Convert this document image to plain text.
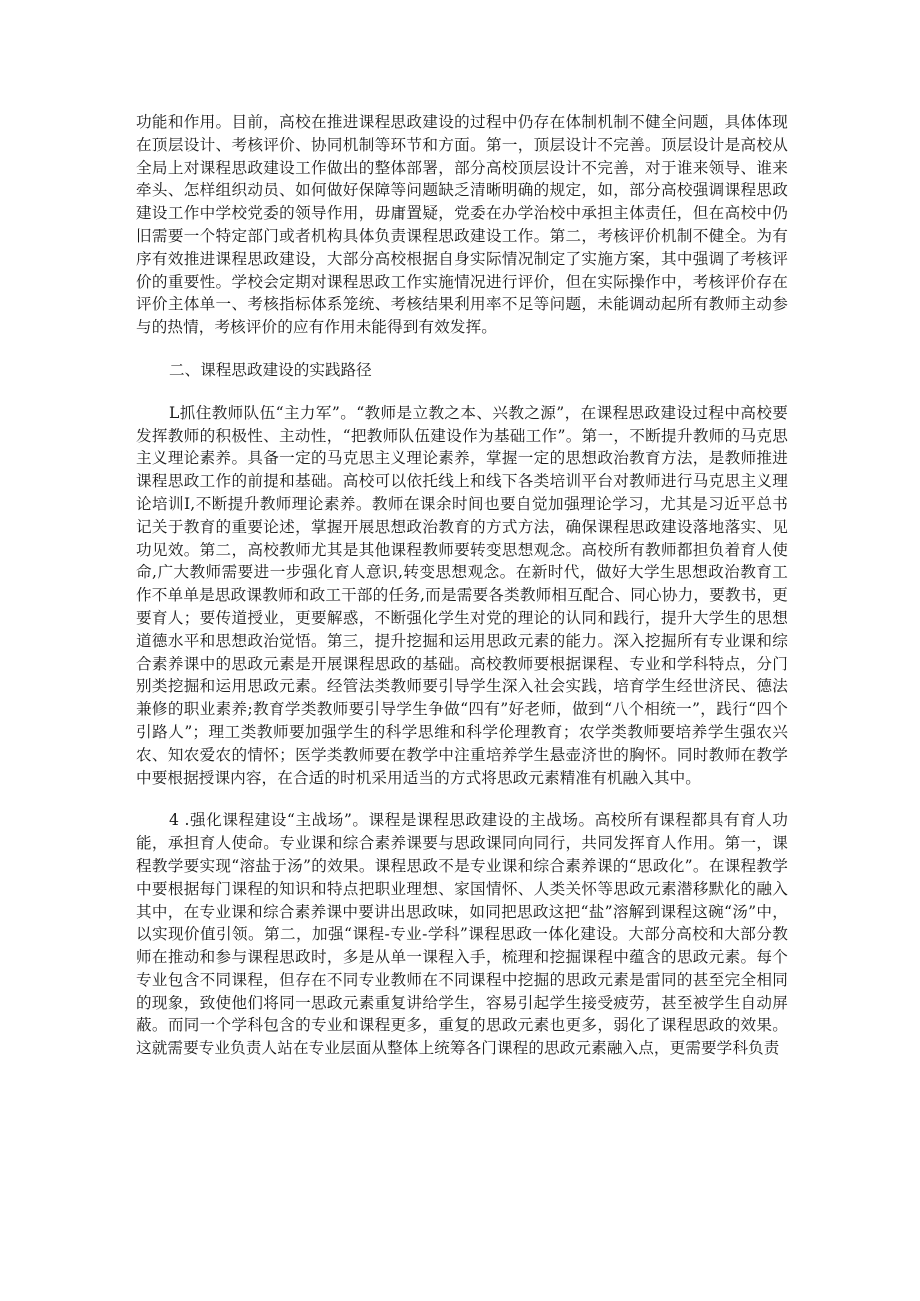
功能和作用。目前，高校在推进课程思政建设的过程中仍存在体制机制不健全问题，具体体现在顶层设计、考核评价、协同机制等环节和方面。第一，顶层设计不完善。顶层设计是高校从全局上对课程思政建设工作做出的整体部署，部分高校顶层设计不完善，对于谁来领导、谁来牵头、怎样组织动员、如何做好保障等问题缺乏清晰明确的规定，如，部分高校强调课程思政建设工作中学校党委的领导作用，毋庸置疑，党委在办学治校中承担主体责任，但在高校中仍旧需要一个特定部门或者机构具体负责课程思政建设工作。第二，考核评价机制不健全。为有序有效推进课程思政建设，大部分高校根据自身实际情况制定了实施方案，其中强调了考核评价的重要性。学校会定期对课程思政工作实施情况进行评价，但在实际操作中，考核评价存在评价主体单一、考核指标体系笼统、考核结果利用率不足等问题，未能调动起所有教师主动参与的热情，考核评价的应有作用未能得到有效发挥。

二、课程思政建设的实践路径

L抓住教师队伍“主力军”。“教师是立教之本、兴教之源”，在课程思政建设过程中高校要发挥教师的积极性、主动性，“把教师队伍建设作为基础工作”。第一，不断提升教师的马克思主义理论素养。具备一定的马克思主义理论素养，掌握一定的思想政治教育方法，是教师推进课程思政工作的前提和基础。高校可以依托线上和线下各类培训平台对教师进行马克思主义理论培训I,不断提升教师理论素养。教师在课余时间也要自觉加强理论学习，尤其是习近平总书记关于教育的重要论述，掌握开展思想政治教育的方式方法，确保课程思政建设落地落实、见功见效。第二，高校教师尤其是其他课程教师要转变思想观念。高校所有教师都担负着育人使命,广大教师需要进一步强化育人意识,转变思想观念。在新时代，做好大学生思想政治教育工作不单单是思政课教师和政工干部的任务,而是需要各类教师相互配合、同心协力，要教书，更要育人；要传道授业，更要解惑，不断强化学生对党的理论的认同和践行，提升大学生的思想道德水平和思想政治觉悟。第三，提升挖掘和运用思政元素的能力。深入挖掘所有专业课和综合素养课中的思政元素是开展课程思政的基础。高校教师要根据课程、专业和学科特点，分门别类挖掘和运用思政元素。经管法类教师要引导学生深入社会实践，培育学生经世济民、德法兼修的职业素养;教育学类教师要引导学生争做“四有”好老师，做到“八个相统一”，践行“四个引路人”；理工类教师要加强学生的科学思维和科学伦理教育；农学类教师要培养学生强农兴农、知农爱农的情怀；医学类教师要在教学中注重培养学生悬壶济世的胸怀。同时教师在教学中要根据授课内容，在合适的时机采用适当的方式将思政元素精准有机融入其中。

4 .强化课程建设“主战场”。课程是课程思政建设的主战场。高校所有课程都具有育人功能，承担育人使命。专业课和综合素养课要与思政课同向同行，共同发挥育人作用。第一，课程教学要实现“溶盐于汤”的效果。课程思政不是专业课和综合素养课的“思政化”。在课程教学中要根据每门课程的知识和特点把职业理想、家国情怀、人类关怀等思政元素潜移默化的融入其中，在专业课和综合素养课中要讲出思政味，如同把思政这把“盐”溶解到课程这碗“汤”中，以实现价值引领。第二，加强“课程-专业-学科”课程思政一体化建设。大部分高校和大部分教师在推动和参与课程思政时，多是从单一课程入手，梳理和挖掘课程中蕴含的思政元素。每个专业包含不同课程，但存在不同专业教师在不同课程中挖掘的思政元素是雷同的甚至完全相同的现象，致使他们将同一思政元素重复讲给学生，容易引起学生接受疲劳，甚至被学生自动屏蔽。而同一个学科包含的专业和课程更多，重复的思政元素也更多，弱化了课程思政的效果。这就需要专业负责人站在专业层面从整体上统筹各门课程的思政元素融入点，更需要学科负责
